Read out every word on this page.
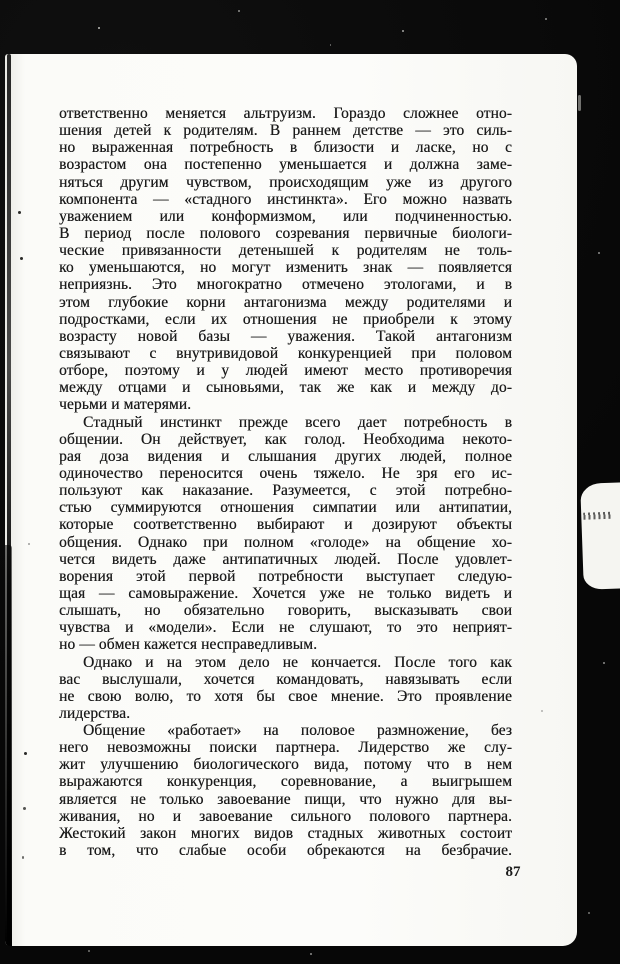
ответственно меняется альтруизм. Гораздо сложнее отно-
шения детей к родителям. В раннем детстве — это силь-
но выраженная потребность в близости и ласке, но с
возрастом она постепенно уменьшается и должна заме-
няться другим чувством, происходящим уже из другого
компонента — «стадного инстинкта». Его можно назвать
уважением или конформизмом, или подчиненностью.
В период после полового созревания первичные биологи-
ческие привязанности детенышей к родителям не толь-
ко уменьшаются, но могут изменить знак — появляется
неприязнь. Это многократно отмечено этологами, и в
этом глубокие корни антагонизма между родителями и
подростками, если их отношения не приобрели к этому
возрасту новой базы — уважения. Такой антагонизм
связывают с внутривидовой конкуренцией при половом
отборе, поэтому и у людей имеют место противоречия
между отцами и сыновьями, так же как и между до-
черьми и матерями.
Стадный инстинкт прежде всего дает потребность в
общении. Он действует, как голод. Необходима некото-
рая доза видения и слышания других людей, полное
одиночество переносится очень тяжело. Не зря его ис-
пользуют как наказание. Разумеется, с этой потребно-
стью суммируются отношения симпатии или антипатии,
которые соответственно выбирают и дозируют объекты
общения. Однако при полном «голоде» на общение хо-
чется видеть даже антипатичных людей. После удовлет-
ворения этой первой потребности выступает следую-
щая — самовыражение. Хочется уже не только видеть и
слышать, но обязательно говорить, высказывать свои
чувства и «модели». Если не слушают, то это неприят-
но — обмен кажется несправедливым.
Однако и на этом дело не кончается. После того как
вас выслушали, хочется командовать, навязывать если
не свою волю, то хотя бы свое мнение. Это проявление
лидерства.
Общение «работает» на половое размножение, без
него невозможны поиски партнера. Лидерство же слу-
жит улучшению биологического вида, потому что в нем
выражаются конкуренция, соревнование, а выигрышем
является не только завоевание пищи, что нужно для вы-
живания, но и завоевание сильного полового партнера.
Жестокий закон многих видов стадных животных состоит
в том, что слабые особи обрекаются на безбрачие.
87
